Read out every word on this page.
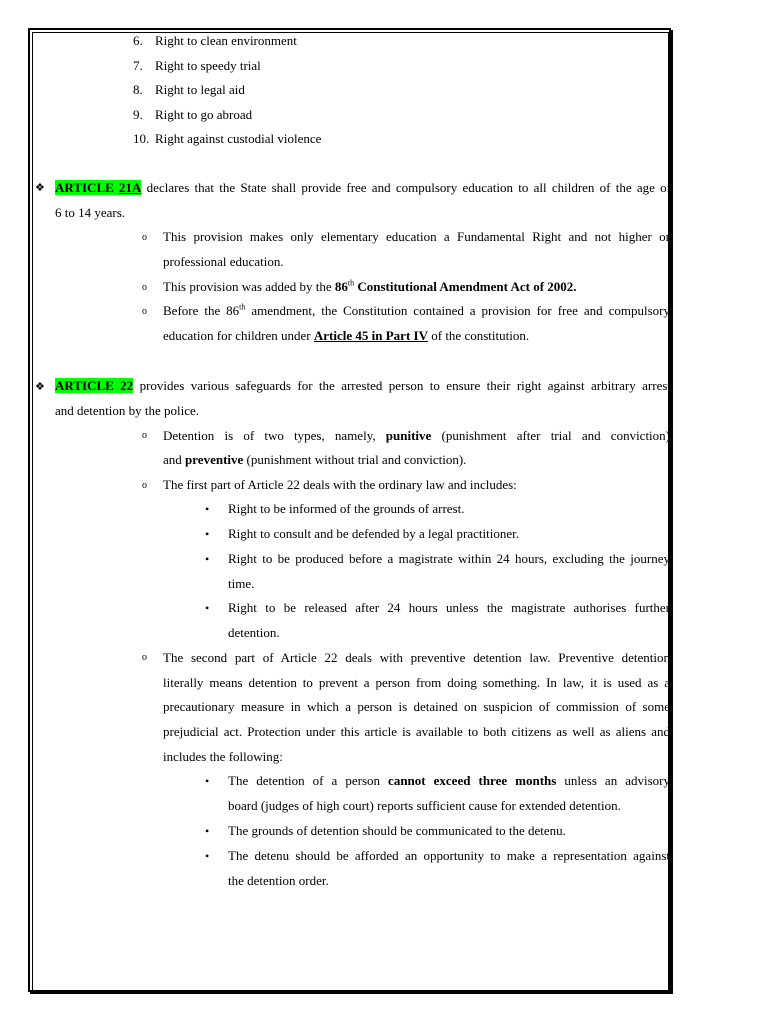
6. Right to clean environment
7. Right to speedy trial
8. Right to legal aid
9. Right to go abroad
10. Right against custodial violence
❖ ARTICLE 21A declares that the State shall provide free and compulsory education to all children of the age of
6 to 14 years.
o This provision makes only elementary education a Fundamental Right and not higher or
professional education.
o This provision was added by the 86th Constitutional Amendment Act of 2002.
o Before the 86th amendment, the Constitution contained a provision for free and compulsory
education for children under Article 45 in Part IV of the constitution.
❖ ARTICLE 22 provides various safeguards for the arrested person to ensure their right against arbitrary arrest
and detention by the police.
o Detention is of two types, namely, punitive (punishment after trial and conviction)
and preventive (punishment without trial and conviction).
o The first part of Article 22 deals with the ordinary law and includes:
• Right to be informed of the grounds of arrest.
• Right to consult and be defended by a legal practitioner.
• Right to be produced before a magistrate within 24 hours, excluding the journey
time.
• Right to be released after 24 hours unless the magistrate authorises further
detention.
o The second part of Article 22 deals with preventive detention law. Preventive detention
literally means detention to prevent a person from doing something. In law, it is used as a
precautionary measure in which a person is detained on suspicion of commission of some
prejudicial act. Protection under this article is available to both citizens as well as aliens and
includes the following:
• The detention of a person cannot exceed three months unless an advisory
board (judges of high court) reports sufficient cause for extended detention.
• The grounds of detention should be communicated to the detenu.
• The detenu should be afforded an opportunity to make a representation against
the detention order.
